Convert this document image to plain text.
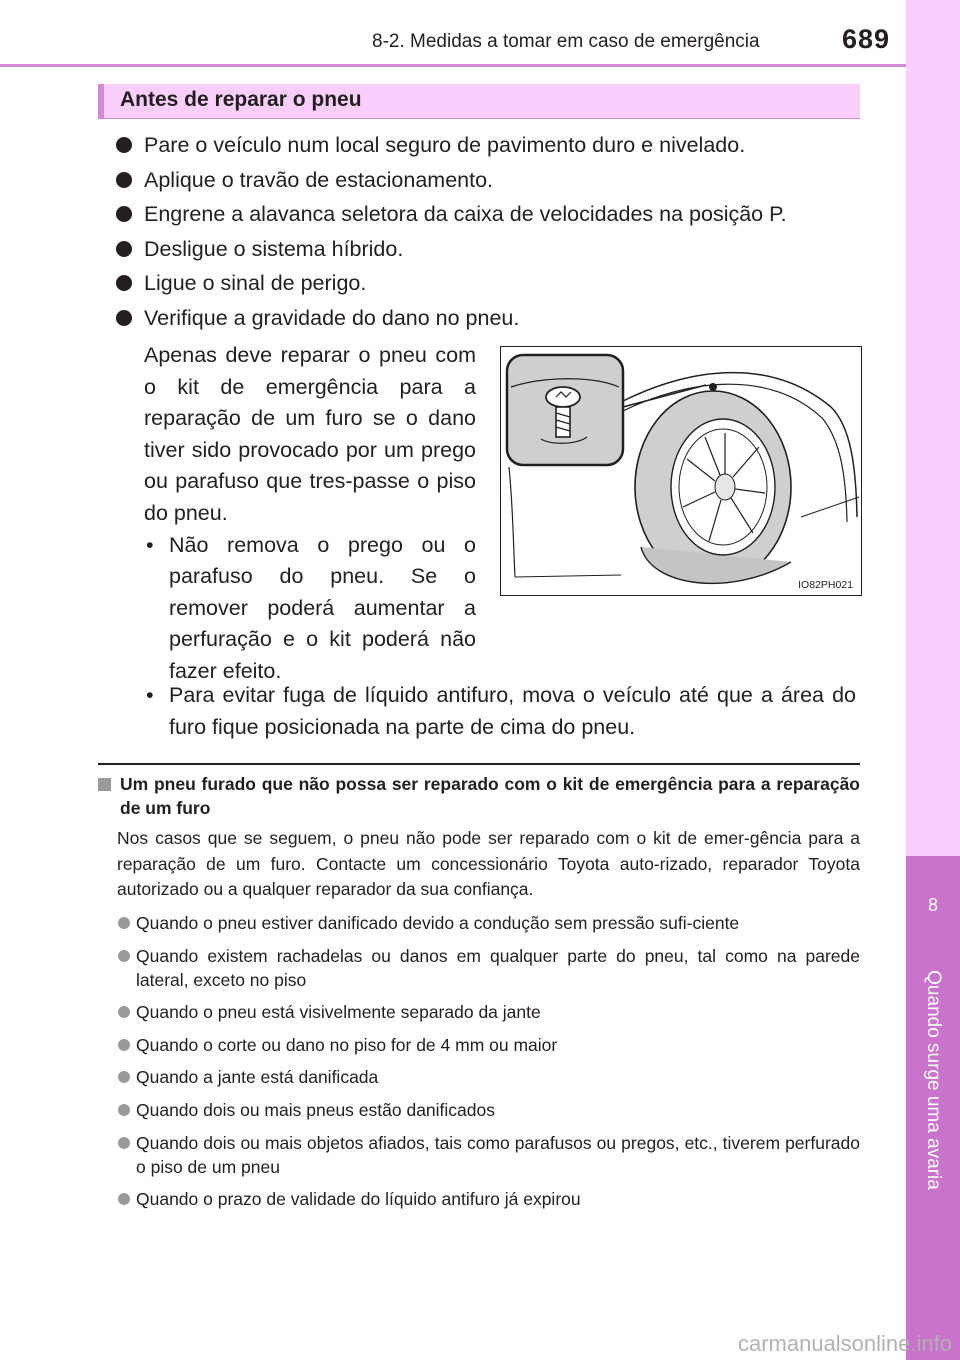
8-2. Medidas a tomar em caso de emergência	689
8
Quando surge uma avaria
Antes de reparar o pneu
Pare o veículo num local seguro de pavimento duro e nivelado.
Aplique o travão de estacionamento.
Engrene a alavanca seletora da caixa de velocidades na posição P.
Desligue o sistema híbrido.
Ligue o sinal de perigo.
Verifique a gravidade do dano no pneu.
Apenas deve reparar o pneu com o kit de emergência para a reparação de um furo se o dano tiver sido provocado por um prego ou parafuso que tres-passe o piso do pneu.
• Não remova o prego ou o parafuso do pneu. Se o remover poderá aumentar a perfuração e o kit poderá não fazer efeito.
• Para evitar fuga de líquido antifuro, mova o veículo até que a área do furo fique posicionada na parte de cima do pneu.
IO82PH021
Um pneu furado que não possa ser reparado com o kit de emergência para a reparação de um furo
Nos casos que se seguem, o pneu não pode ser reparado com o kit de emer-gência para a reparação de um furo. Contacte um concessionário Toyota auto-rizado, reparador Toyota autorizado ou a qualquer reparador da sua confiança.
Quando o pneu estiver danificado devido a condução sem pressão sufi-ciente
Quando existem rachadelas ou danos em qualquer parte do pneu, tal como na parede lateral, exceto no piso
Quando o pneu está visivelmente separado da jante
Quando o corte ou dano no piso for de 4 mm ou maior
Quando a jante está danificada
Quando dois ou mais pneus estão danificados
Quando dois ou mais objetos afiados, tais como parafusos ou pregos, etc., tiverem perfurado o piso de um pneu
Quando o prazo de validade do líquido antifuro já expirou
carmanualsonline.info
